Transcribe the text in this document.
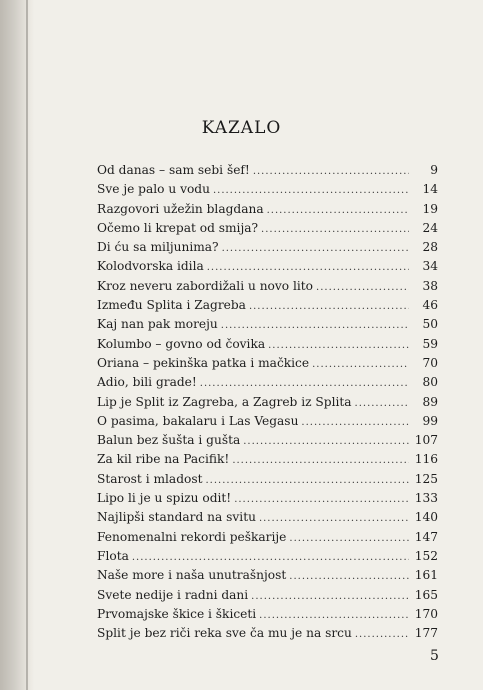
KAZALO
Od danas – sam sebi šef! .....	9
Sve je palo u vodu .....	14
Razgovori užežin blagdana .....	19
Očemo li krepat od smija? .....	24
Di ću sa miljunima? .....	28
Kolodvorska idila .....	34
Kroz neveru zabordižali u novo lito .....	38
Između Splita i Zagreba .....	46
Kaj nan pak moreju .....	50
Kolumbo – govno od čovika .....	59
Oriana – pekinška patka i mačkice .....	70
Adio, bili grade! .....	80
Lip je Split iz Zagreba, a Zagreb iz Splita .....	89
O pasima, bakalaru i Las Vegasu .....	99
Balun bez šušta i gušta .....	107
Za kil ribe na Pacifik! .....	116
Starost i mladost .....	125
Lipo li je u spizu odit! .....	133
Najlipši standard na svitu .....	140
Fenomenalni rekordi peškarije .....	147
Flota .....	152
Naše more i naša unutrašnjost .....	161
Svete nedije i radni dani .....	165
Prvomajske škice i škiceti .....	170
Split je bez riči reka sve ča mu je na srcu .....	177
5
